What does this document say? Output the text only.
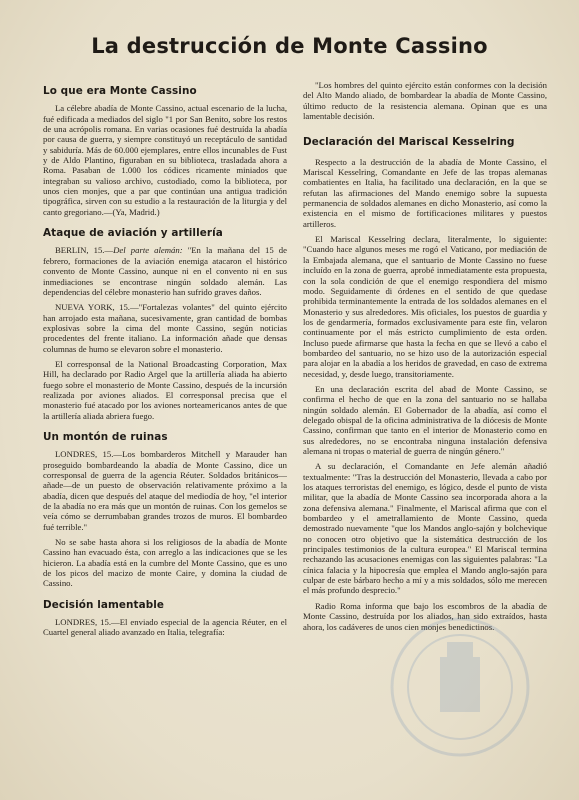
La destrucción de Monte Cassino
Lo que era Monte Cassino

La célebre abadía de Monte Cassino, actual escenario de la lucha, fué edificada a mediados del siglo "1 por San Benito, sobre los restos de una acrópolis romana. En varias ocasiones fué destruída la abadía por causa de guerra, y siempre constituyó un receptáculo de santidad y sabiduría. Más de 60.000 ejemplares, entre ellos incunables de Fust y de Aldo Plantino, figuraban en su biblioteca, trasladada ahora a Roma. Pasaban de 1.000 los códices ricamente miniados que integraban su valioso archivo, custodiado, como la biblioteca, por unos cien monjes, que a par que continúan una antigua tradición tipográfica, sirven con su estudio a la restauración de la liturgia y del canto gregoriano.—(Ya, Madrid.)

Ataque de aviación y artillería

BERLIN, 15.—Del parte alemán: "En la mañana del 15 de febrero, formaciones de la aviación enemiga atacaron el histórico convento de Monte Cassino, aunque ni en el convento ni en sus inmediaciones se encontrase ningún soldado alemán. Las dependencias del célebre monasterio han sufrido graves daños.

NUEVA YORK, 15.—"Fortalezas volantes" del quinto ejército han arrojado esta mañana, sucesivamente, gran cantidad de bombas explosivas sobre la cima del monte Cassino, según noticias procedentes del frente italiano. La información añade que densas columnas de humo se elevaron sobre el monasterio.

El corresponsal de la National Broadcasting Corporation, Max Hill, ha declarado por Radio Argel que la artillería aliada ha abierto fuego sobre el monasterio de Monte Cassino, después de la incursión realizada por aviones aliados. El corresponsal precisa que el monasterio fué atacado por los aviones norteamericanos antes de que la artillería aliada abriera fuego.

Un montón de ruinas

LONDRES, 15.—Los bombarderos Mitchell y Marauder han proseguido bombardeando la abadía de Monte Cassino, dice un corresponsal de guerra de la agencia Réuter. Soldados británicos—añade—de un puesto de observación relativamente próximo a la abadía, dicen que después del ataque del mediodía de hoy, "el interior de la abadía no era más que un montón de ruinas. Con los gemelos se veía cómo se derrumbaban grandes trozos de muros. El bombardeo fué terrible."

No se sabe hasta ahora si los religiosos de la abadía de Monte Cassino han evacuado ésta, con arreglo a las indicaciones que se les hicieron. La abadía está en la cumbre del Monte Cassino, que es uno de los picos del macizo de monte Caire, y domina la ciudad de Cassino.

Decisión lamentable

LONDRES, 15.—El enviado especial de la agencia Réuter, en el Cuartel general aliado avanzado en Italia, telegrafía:

"Los hombres del quinto ejército están conformes con la decisión del Alto Mando aliado, de bombardear la abadía de Monte Cassino, último reducto de la resistencia alemana. Opinan que es una lamentable decisión.

Declaración del Mariscal Kesselring

Respecto a la destrucción de la abadía de Monte Cassino, el Mariscal Kesselring, Comandante en Jefe de las tropas alemanas combatientes en Italia, ha facilitado una declaración, en la que se refutan las afirmaciones del Mando enemigo sobre la supuesta permanencia de soldados alemanes en dicho Monasterio, así como la existencia en el mismo de fortificaciones militares y puestos artilleros.

El Mariscal Kesselring declara, literalmente, lo siguiente: "Cuando hace algunos meses me rogó el Vaticano, por mediación de la Embajada alemana, que el santuario de Monte Cassino no fuese incluído en la zona de guerra, aprobé inmediatamente esta propuesta, con la sola condición de que el enemigo respondiera del mismo modo. Seguidamente di órdenes en el sentido de que quedase prohibida terminantemente la entrada de los soldados alemanes en el Monasterio y sus alrededores. Mis oficiales, los puestos de guardia y los de gendarmería, formados exclusivamente para este fin, velaron continuamente por el más estricto cumplimiento de esta orden. Incluso puede afirmarse que hasta la fecha en que se llevó a cabo el bombardeo del santuario, no se hizo uso de la autorización especial para alojar en la abadía a los heridos de gravedad, en caso de extrema necesidad, y, desde luego, transitoriamente.

En una declaración escrita del abad de Monte Cassino, se confirma el hecho de que en la zona del santuario no se hallaba ningún soldado alemán. El Gobernador de la abadía, así como el delegado obispal de la oficina administrativa de la diócesis de Monte Cassino, confirman que tanto en el interior de Monasterio como en sus alrededores, no se encontraba ninguna instalación defensiva alemana ni tropas o material de guerra de ningún género."

A su declaración, el Comandante en Jefe alemán añadió textualmente: "Tras la destrucción del Monasterio, llevada a cabo por los ataques terroristas del enemigo, es lógico, desde el punto de vista militar, que la abadía de Monte Cassino sea incorporada ahora a la zona defensiva alemana." Finalmente, el Mariscal afirma que con el bombardeo y el ametrallamiento de Monte Cassino, queda demostrado nuevamente "que los Mandos anglo-sajón y bolchevique no conocen otro objetivo que la sistemática destrucción de los principales testimonios de la cultura europea." El Mariscal termina rechazando las acusaciones enemigas con las siguientes palabras: "La cínica falacia y la hipocresía que emplea el Mando anglo-sajón para culpar de este bárbaro hecho a mí y a mis soldados, sólo me merecen el más profundo desprecio."

Radio Roma informa que bajo los escombros de la abadía de Monte Cassino, destruída por los aliados, han sido extraídos, hasta ahora, los cadáveres de unos cien monjes benedictinos.
